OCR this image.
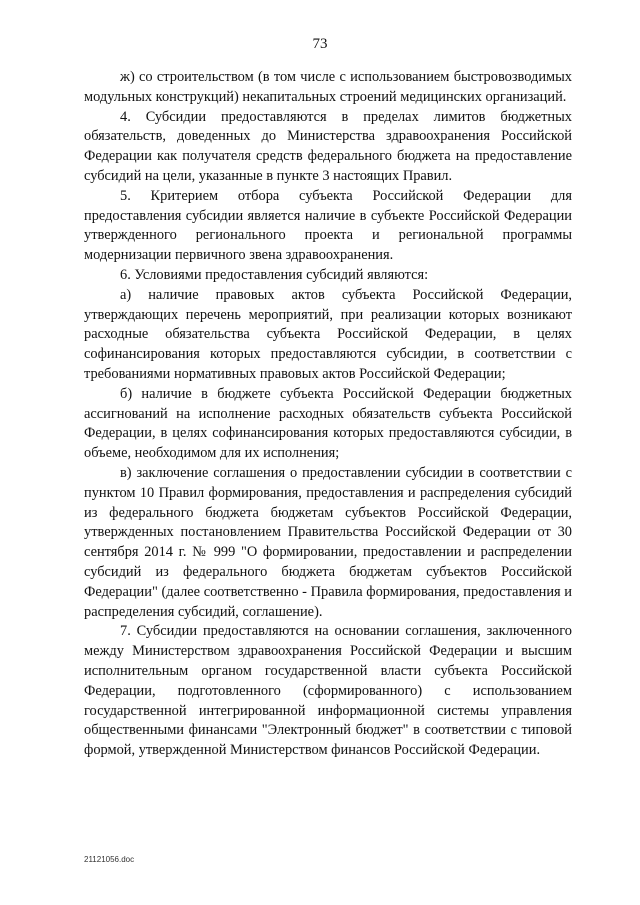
73

ж) со строительством (в том числе с использованием быстровозводимых модульных конструкций) некапитальных строений медицинских организаций.

4. Субсидии предоставляются в пределах лимитов бюджетных обязательств, доведенных до Министерства здравоохранения Российской Федерации как получателя средств федерального бюджета на предоставление субсидий на цели, указанные в пункте 3 настоящих Правил.

5. Критерием отбора субъекта Российской Федерации для предоставления субсидии является наличие в субъекте Российской Федерации утвержденного регионального проекта и региональной программы модернизации первичного звена здравоохранения.

6. Условиями предоставления субсидий являются:

а) наличие правовых актов субъекта Российской Федерации, утверждающих перечень мероприятий, при реализации которых возникают расходные обязательства субъекта Российской Федерации, в целях софинансирования которых предоставляются субсидии, в соответствии с требованиями нормативных правовых актов Российской Федерации;

б) наличие в бюджете субъекта Российской Федерации бюджетных ассигнований на исполнение расходных обязательств субъекта Российской Федерации, в целях софинансирования которых предоставляются субсидии, в объеме, необходимом для их исполнения;

в) заключение соглашения о предоставлении субсидии в соответствии с пунктом 10 Правил формирования, предоставления и распределения субсидий из федерального бюджета бюджетам субъектов Российской Федерации, утвержденных постановлением Правительства Российской Федерации от 30 сентября 2014 г. № 999 "О формировании, предоставлении и распределении субсидий из федерального бюджета бюджетам субъектов Российской Федерации" (далее соответственно - Правила формирования, предоставления и распределения субсидий, соглашение).

7. Субсидии предоставляются на основании соглашения, заключенного между Министерством здравоохранения Российской Федерации и высшим исполнительным органом государственной власти субъекта Российской Федерации, подготовленного (сформированного) с использованием государственной интегрированной информационной системы управления общественными финансами "Электронный бюджет" в соответствии с типовой формой, утвержденной Министерством финансов Российской Федерации.

21121056.doc
